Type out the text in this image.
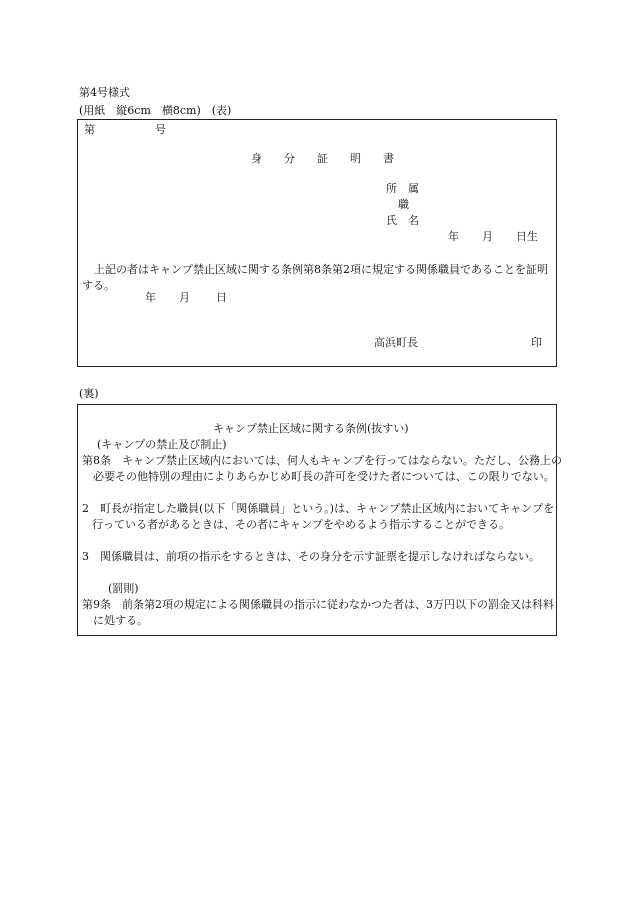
第4号様式
(用紙　縦6cm　横8cm)　(表)
第	号
身　　分　　証　　明　　書
所　属
職
氏　名
年 月 日生
上記の者はキャンプ禁止区域に関する条例第8条第2項に規定する関係職員であることを証明する。
年 月 日
高浜町長	印
(裏)
キャンプ禁止区域に関する条例(抜すい)
(キャンプの禁止及び制止)
第8条　キャンプ禁止区域内においては、何人もキャンプを行ってはならない。ただし、公務上の必要その他特別の理由によりあらかじめ町長の許可を受けた者については、この限りでない。
2　町長が指定した職員(以下「関係職員」という。)は、キャンプ禁止区域内においてキャンプを行っている者があるときは、その者にキャンプをやめるよう指示することができる。
3　関係職員は、前項の指示をするときは、その身分を示す証票を提示しなければならない。
(罰則)
第9条　前条第2項の規定による関係職員の指示に従わなかつた者は、3万円以下の罰金又は科料に処する。
